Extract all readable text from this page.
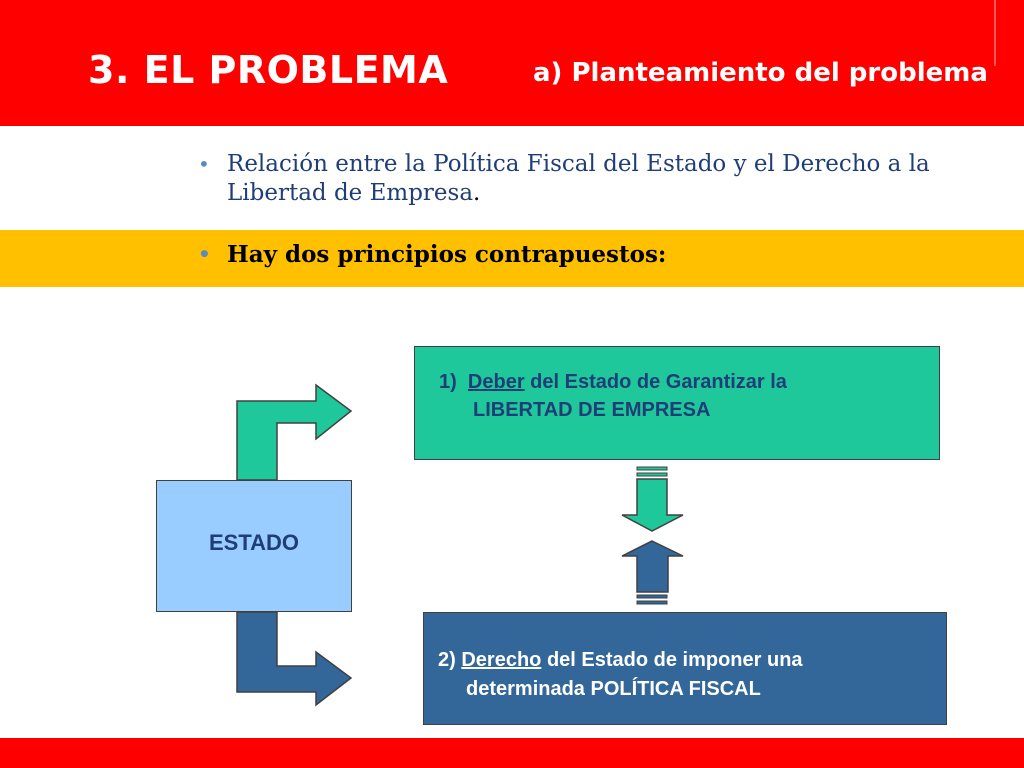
3. EL PROBLEMA	a) Planteamiento del problema
• Relación entre la Política Fiscal del Estado y el Derecho a la Libertad de Empresa.
• Hay dos principios contrapuestos:
ESTADO
1) Deber del Estado de Garantizar la
LIBERTAD DE EMPRESA
2) Derecho del Estado de imponer una
determinada POLÍTICA FISCAL
